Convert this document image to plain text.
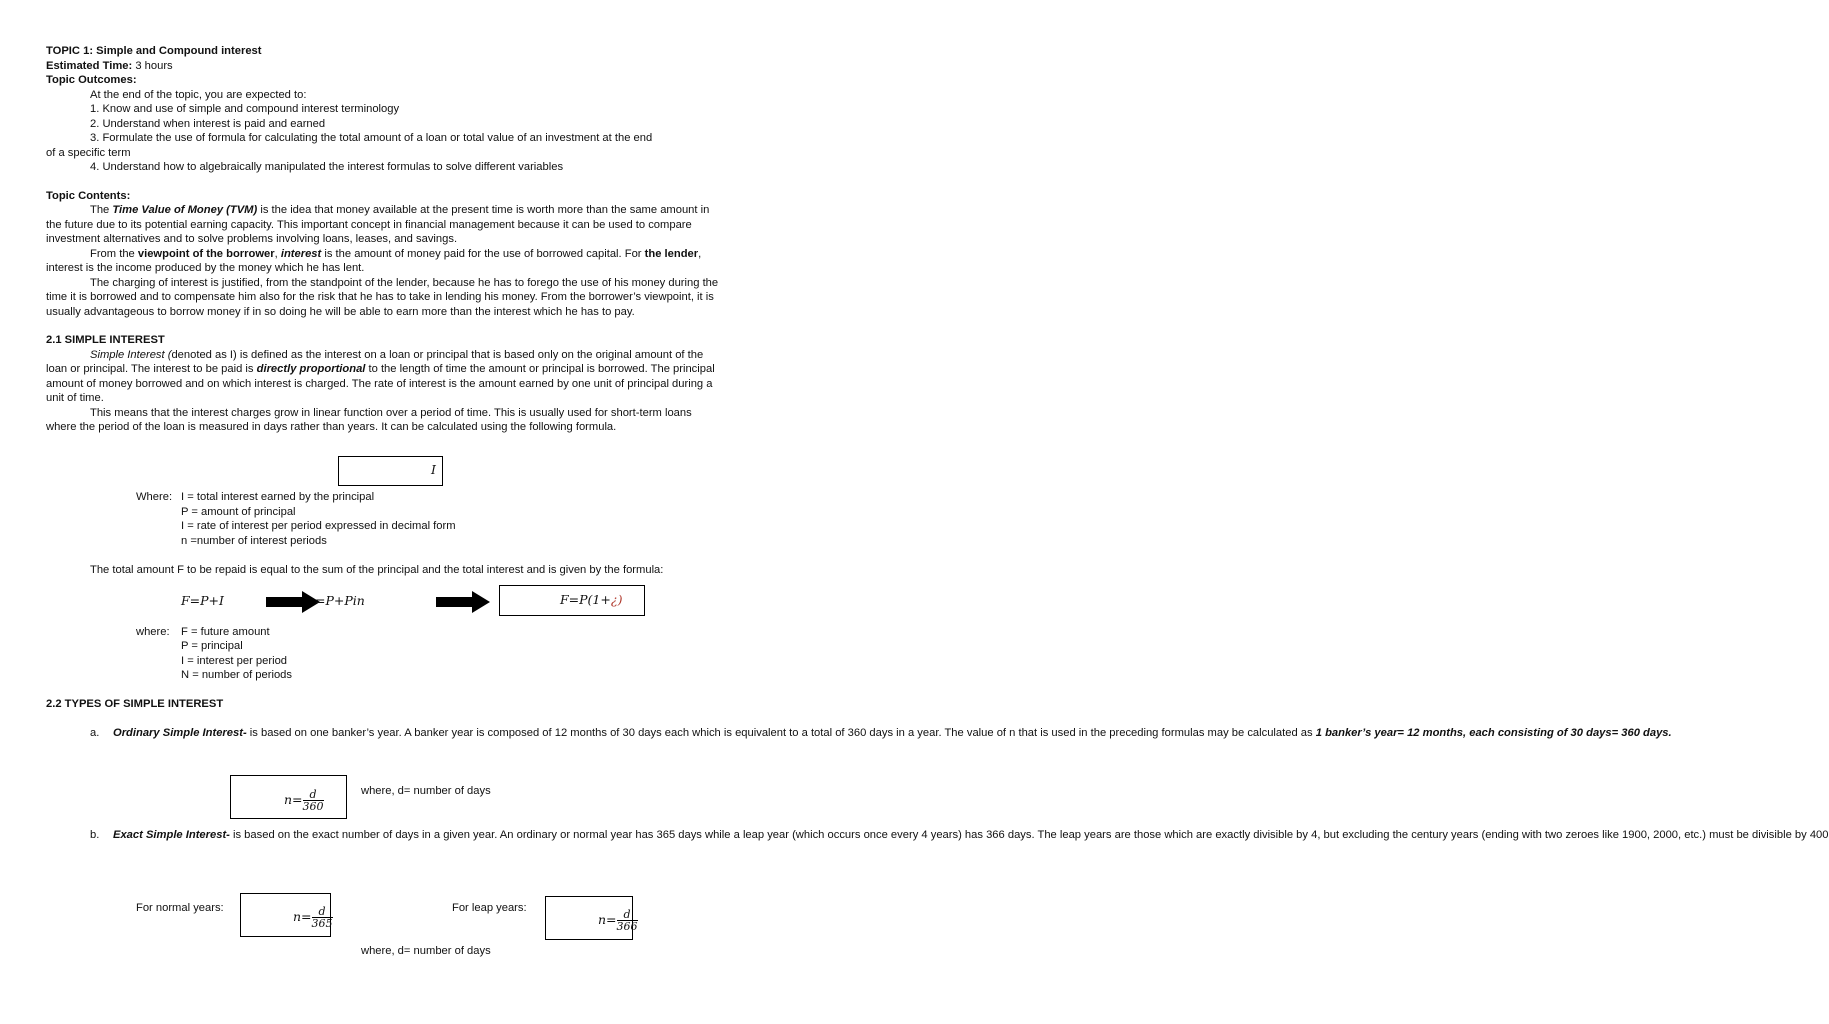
TOPIC 1: Simple and Compound interest
Estimated Time: 3 hours
Topic Outcomes:
At the end of the topic, you are expected to:
1. Know and use of simple and compound interest terminology
2. Understand when interest is paid and earned
3. Formulate the use of formula for calculating the total amount of a loan or total value of an investment at the end
of a specific term
4. Understand how to algebraically manipulated the interest formulas to solve different variables
Topic Contents:

The Time Value of Money (TVM) is the idea that money available at the present time is worth more than the same amount in the future due to its potential earning capacity. This important concept in financial management because it can be used to compare investment alternatives and to solve problems involving loans, leases, and savings.

From the viewpoint of the borrower, interest is the amount of money paid for the use of borrowed capital. For the lender, interest is the income produced by the money which he has lent.

The charging of interest is justified, from the standpoint of the lender, because he has to forego the use of his money during the time it is borrowed and to compensate him also for the risk that he has to take in lending his money. From the borrower’s viewpoint, it is usually advantageous to borrow money if in so doing he will be able to earn more than the interest which he has to pay.

2.1 SIMPLE INTEREST

Simple Interest (denoted as I) is defined as the interest on a loan or principal that is based only on the original amount of the loan or principal. The interest to be paid is directly proportional to the length of time the amount or principal is borrowed. The principal amount of money borrowed and on which interest is charged. The rate of interest is the amount earned by one unit of principal during a unit of time.

This means that the interest charges grow in linear function over a period of time. This is usually used for short-term loans where the period of the loan is measured in days rather than years. It can be calculated using the following formula.

I
Where: I = total interest earned by the principal
P = amount of principal
I = rate of interest per period expressed in decimal form
n =number of interest periods

The total amount F to be repaid is equal to the sum of the principal and the total interest and is given by the formula:

F=P+I	=P+Pin	F=P(1+¿)
where: F = future amount
P = principal
I = interest per period
N = number of periods
2.2 TYPES OF SIMPLE INTEREST
a. Ordinary Simple Interest- is based on one banker’s year. A banker year is composed of 12 months of 30 days each which is equivalent to a total of 360 days in a year. The value of n that is used in the preceding formulas may be calculated as 1 banker’s year= 12 months, each consisting of 30 days= 360 days.
$n= \frac{d}{360}$	where, d= number of days
b. Exact Simple Interest- is based on the exact number of days in a given year. An ordinary or normal year has 365 days while a leap year (which occurs once every 4 years) has 366 days. The leap years are those which are exactly divisible by 4, but excluding the century years (ending with two zeroes like 1900, 2000, etc.) must be divisible by 400
For normal years:
$n= \frac{d}{365}$	For leap years:
$n= \frac{d}{366}$
where, d= number of days
